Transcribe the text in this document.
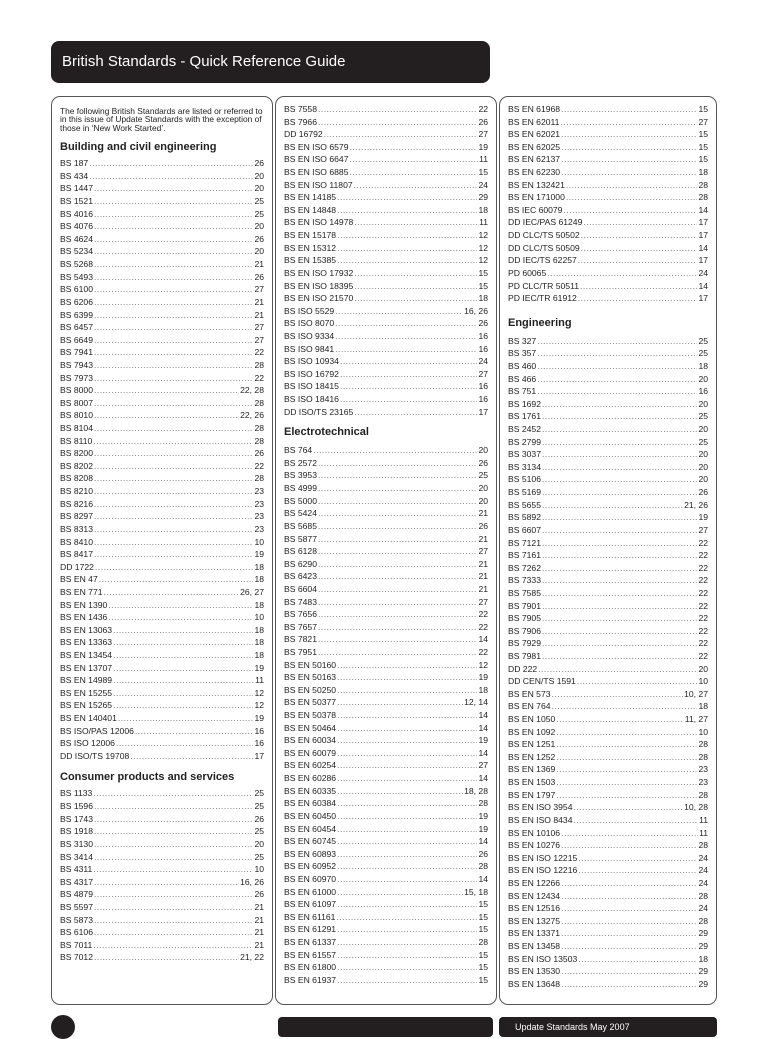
British Standards - Quick Reference Guide

The following British Standards are listed or referred to in this issue of Update Standards with the exception of those in ‘New Work Started’.

Building and civil engineering
BS 187 .....	26
BS 434 .....	20
BS 1447 .....	20
BS 1521 .....	25
BS 4016 .....	25
BS 4076 .....	20
BS 4624 .....	26
BS 5234 .....	20
BS 5268 .....	21
BS 5493 .....	26
BS 6100 .....	27
BS 6206 .....	21
BS 6399 .....	21
BS 6457 .....	27
BS 6649 .....	27
BS 7941 .....	22
BS 7943 .....	28
BS 7973 .....	22
BS 8000 .....	22, 28
BS 8007 .....	28
BS 8010 .....	22, 26
BS 8104 .....	28
BS 8110 .....	28
BS 8200 .....	26
BS 8202 .....	22
BS 8208 .....	28
BS 8210 .....	23
BS 8216 .....	23
BS 8297 .....	23
BS 8313 .....	23
BS 8410 .....	10
BS 8417 .....	19
DD 1722 .....	18
BS EN 47 .....	18
BS EN 771 .....	26, 27
BS EN 1390 .....	18
BS EN 1436 .....	10
BS EN 13063 .....	18
BS EN 13363 .....	18
BS EN 13454 .....	18
BS EN 13707 .....	19
BS EN 14989 .....	11
BS EN 15255 .....	12
BS EN 15265 .....	12
BS EN 140401 .....	19
BS ISO/PAS 12006 .....	16
BS ISO 12006 .....	16
DD ISO/TS 19708 .....	17
Consumer products and services
BS 1133 .....	25
BS 1596 .....	25
BS 1743 .....	26
BS 1918 .....	25
BS 3130 .....	20
BS 3414 .....	25
BS 4311 .....	10
BS 4317 .....	16, 26
BS 4879 .....	26
BS 5597 .....	21
BS 5873 .....	21
BS 6106 .....	21
BS 7011 .....	21
BS 7012 .....	21, 22
BS 7558 .....	22
BS 7966 .....	26
DD 16792 .....	27
BS EN ISO 6579 .....	19
BS EN ISO 6647 .....	11
BS EN ISO 6885 .....	15
BS EN ISO 11807 .....	24
BS EN 14185 .....	29
BS EN 14848 .....	18
BS EN ISO 14978 .....	11
BS EN 15178 .....	12
BS EN 15312 .....	12
BS EN 15385 .....	12
BS EN ISO 17932 .....	15
BS EN ISO 18395 .....	15
BS EN ISO 21570 .....	18
BS ISO 5529 .....	16, 26
BS ISO 8070 .....	26
BS ISO 9334 .....	16
BS ISO 9841 .....	16
BS ISO 10934 .....	24
BS ISO 16792 .....	27
BS ISO 18415 .....	16
BS ISO 18416 .....	16
DD ISO/TS 23165 .....	17
Electrotechnical
BS 764 .....	20
BS 2572 .....	26
BS 3953 .....	25
BS 4999 .....	20
BS 5000 .....	20
BS 5424 .....	21
BS 5685 .....	26
BS 5877 .....	21
BS 6128 .....	27
BS 6290 .....	21
BS 6423 .....	21
BS 6604 .....	21
BS 7483 .....	27
BS 7656 .....	22
BS 7657 .....	22
BS 7821 .....	14
BS 7951 .....	22
BS EN 50160 .....	12
BS EN 50163 .....	19
BS EN 50250 .....	18
BS EN 50377 .....	12, 14
BS EN 50378 .....	14
BS EN 50464 .....	14
BS EN 60034 .....	19
BS EN 60079 .....	14
BS EN 60254 .....	27
BS EN 60286 .....	14
BS EN 60335 .....	18, 28
BS EN 60384 .....	28
BS EN 60450 .....	19
BS EN 60454 .....	19
BS EN 60745 .....	14
BS EN 60893 .....	26
BS EN 60952 .....	28
BS EN 60970 .....	14
BS EN 61000 .....	15, 18
BS EN 61097 .....	15
BS EN 61161 .....	15
BS EN 61291 .....	15
BS EN 61337 .....	28
BS EN 61557 .....	15
BS EN 61800 .....	15
BS EN 61937 .....	15
BS EN 61968 .....	15
BS EN 62011 .....	27
BS EN 62021 .....	15
BS EN 62025 .....	15
BS EN 62137 .....	15
BS EN 62230 .....	18
BS EN 132421 .....	28
BS EN 171000 .....	28
BS IEC 60079 .....	14
DD IEC/PAS 61249 .....	17
DD CLC/TS 50502 .....	17
DD CLC/TS 50509 .....	14
DD IEC/TS 62257 .....	17
PD 60065 .....	24
PD CLC/TR 50511 .....	14
PD IEC/TR 61912 .....	17
Engineering
BS 327 .....	25
BS 357 .....	25
BS 460 .....	18
BS 466 .....	20
BS 751 .....	16
BS 1692 .....	20
BS 1761 .....	25
BS 2452 .....	20
BS 2799 .....	25
BS 3037 .....	20
BS 3134 .....	20
BS 5106 .....	20
BS 5169 .....	26
BS 5655 .....	21, 26
BS 5892 .....	19
BS 6607 .....	27
BS 7121 .....	22
BS 7161 .....	22
BS 7262 .....	22
BS 7333 .....	22
BS 7585 .....	22
BS 7901 .....	22
BS 7905 .....	22
BS 7906 .....	22
BS 7929 .....	22
BS 7981 .....	22
DD 222 .....	20
DD CEN/TS 1591 .....	10
BS EN 573 .....	10, 27
BS EN 764 .....	18
BS EN 1050 .....	11, 27
BS EN 1092 .....	10
BS EN 1251 .....	28
BS EN 1252 .....	28
BS EN 1369 .....	23
BS EN 1503 .....	23
BS EN 1797 .....	28
BS EN ISO 3954 .....	10, 28
BS EN ISO 8434 .....	11
BS EN 10106 .....	11
BS EN 10276 .....	28
BS EN ISO 12215 .....	24
BS EN ISO 12216 .....	24
BS EN 12266 .....	24
BS EN 12434 .....	28
BS EN 12516 .....	24
BS EN 13275 .....	28
BS EN 13371 .....	29
BS EN 13458 .....	29
BS EN ISO 13503 .....	18
BS EN 13530 .....	29
BS EN 13648 .....	29
Update Standards May 2007
